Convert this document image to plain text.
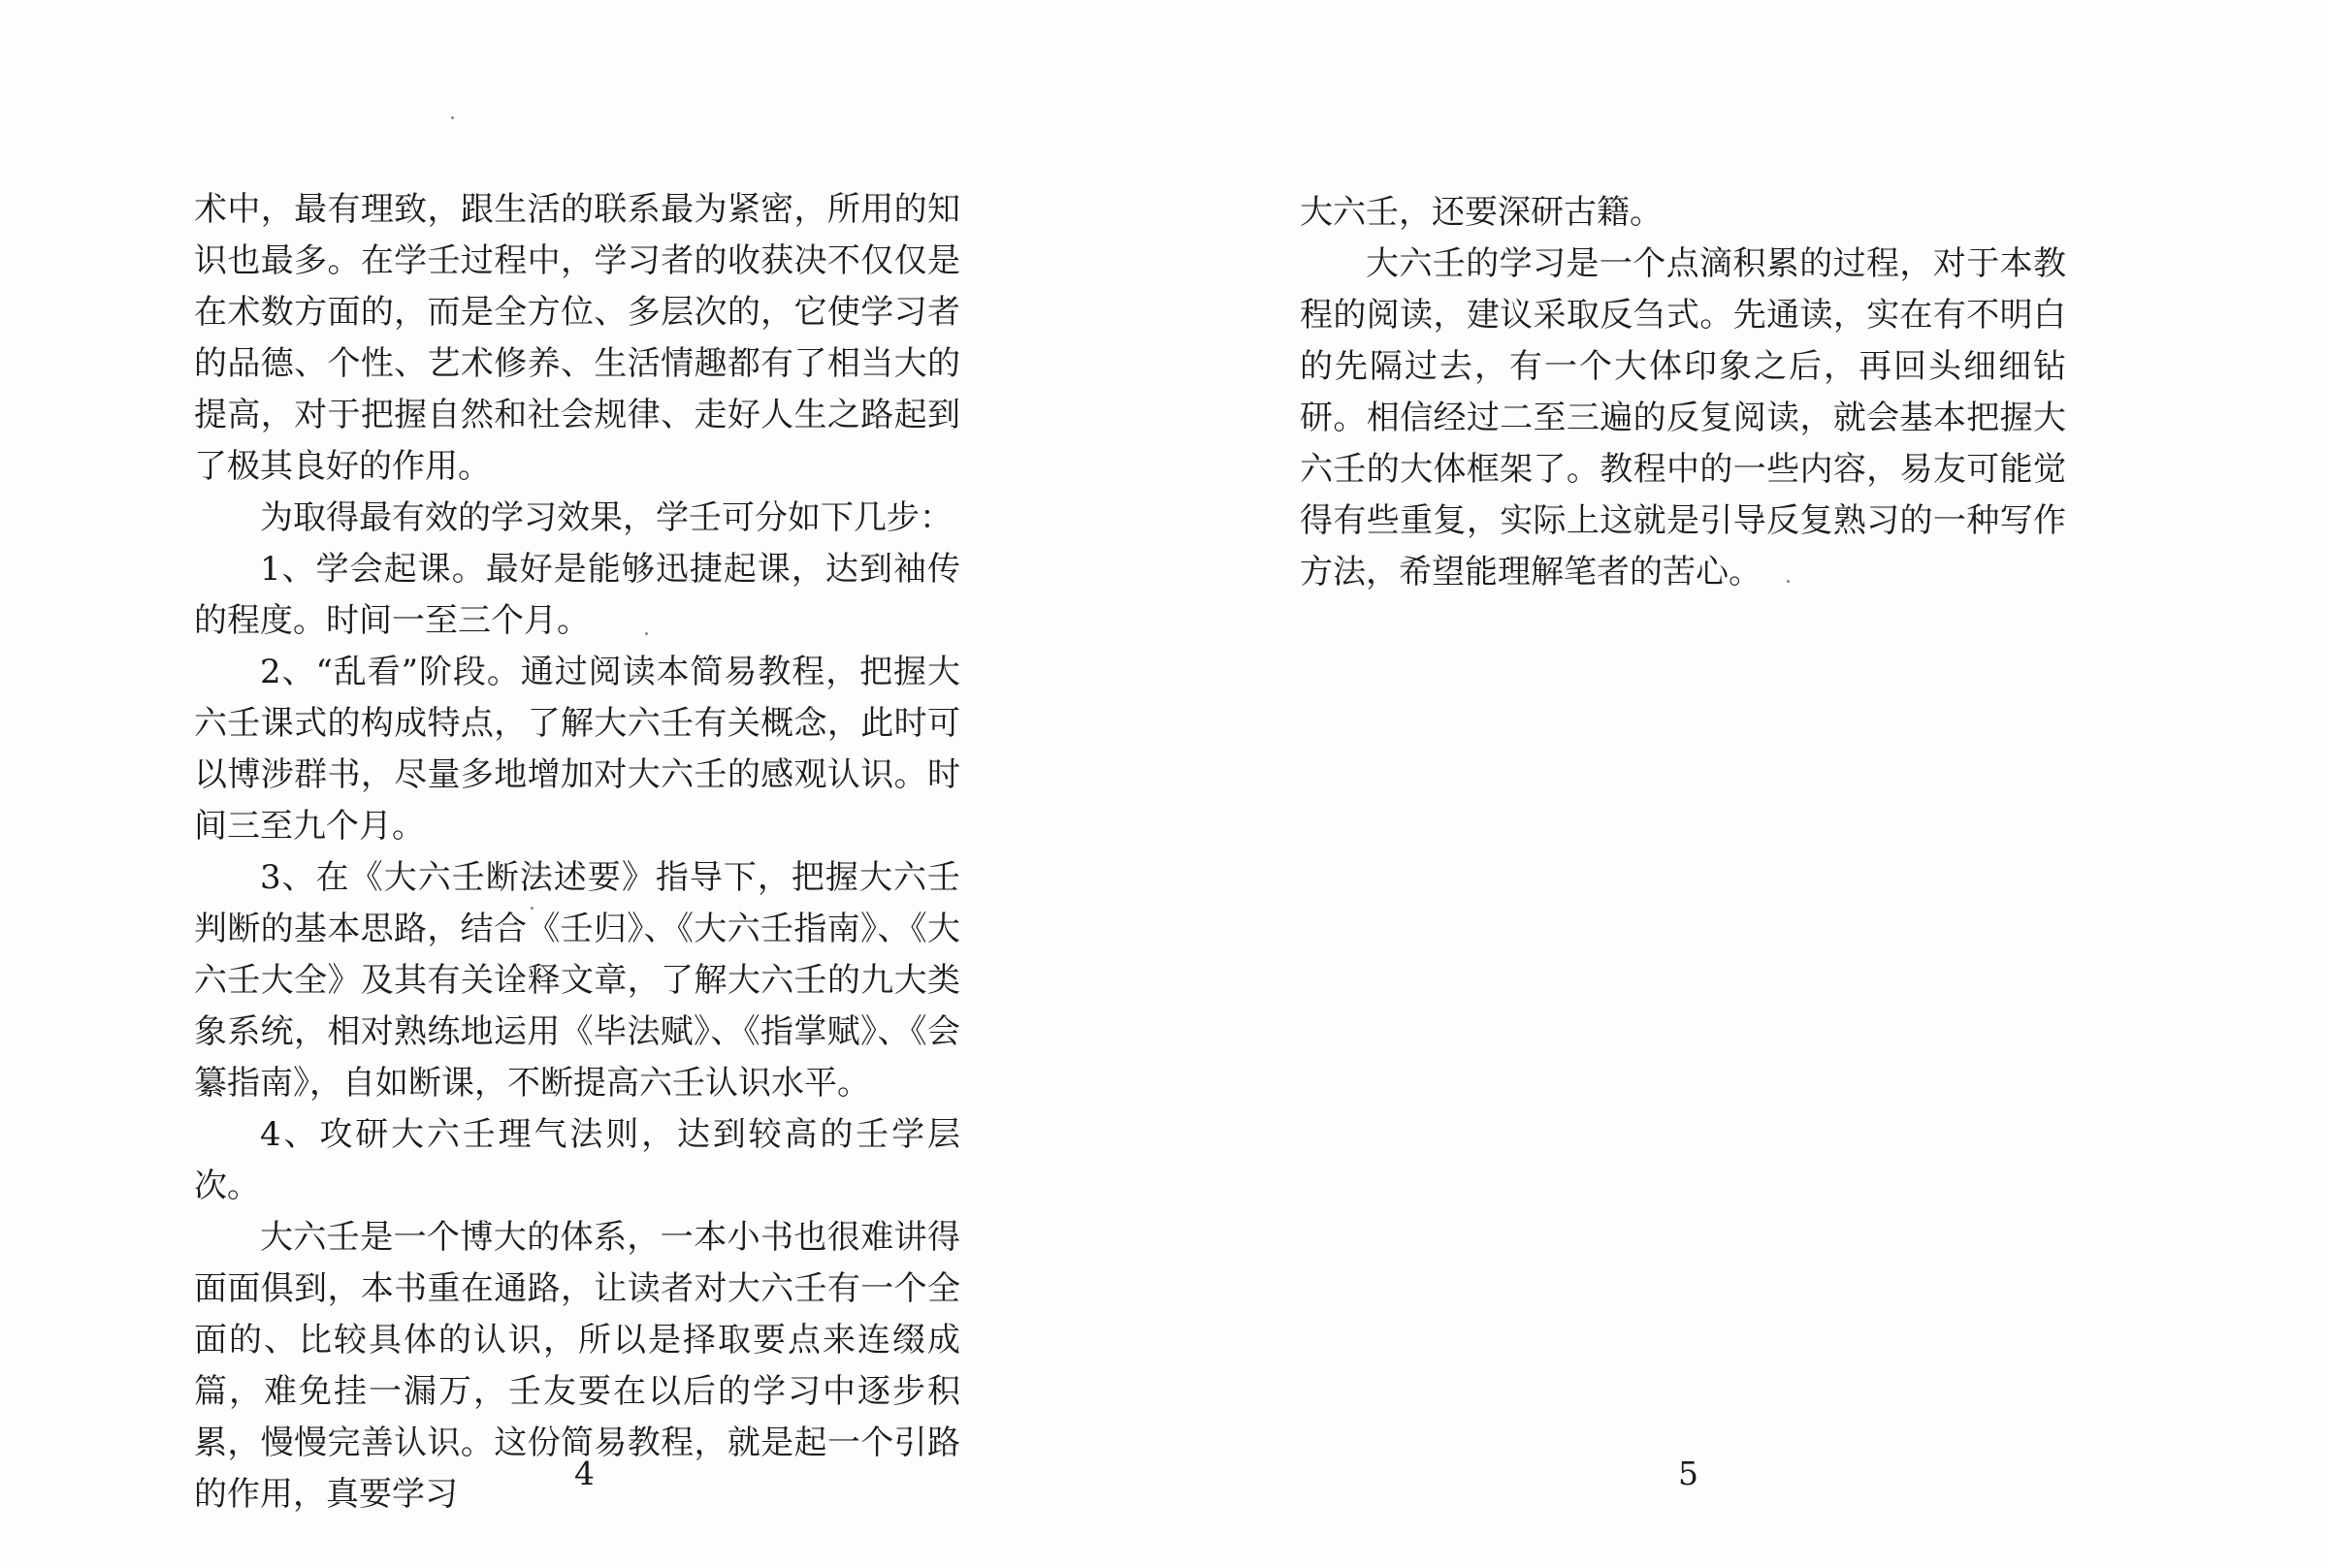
术中，最有理致，跟生活的联系最为紧密，所用的知识也最多。在学壬过程中，学习者的收获决不仅仅是在术数方面的，而是全方位、多层次的，它使学习者的品德、个性、艺术修养、生活情趣都有了相当大的提高，对于把握自然和社会规律、走好人生之路起到了极其良好的作用。

为取得最有效的学习效果，学壬可分如下几步：

1、学会起课。最好是能够迅捷起课，达到袖传的程度。时间一至三个月。

2、“乱看”阶段。通过阅读本简易教程，把握大六壬课式的构成特点，了解大六壬有关概念，此时可以博涉群书，尽量多地增加对大六壬的感观认识。时间三至九个月。

3、在《大六壬断法述要》指导下，把握大六壬判断的基本思路，结合《壬归》、《大六壬指南》、《大六壬大全》及其有关诠释文章，了解大六壬的九大类象系统，相对熟练地运用《毕法赋》、《指掌赋》、《会纂指南》，自如断课，不断提高六壬认识水平。

4、攻研大六壬理气法则，达到较高的壬学层次。

大六壬是一个博大的体系，一本小书也很难讲得面面俱到，本书重在通路，让读者对大六壬有一个全面的、比较具体的认识，所以是择取要点来连缀成篇，难免挂一漏万，壬友要在以后的学习中逐步积累，慢慢完善认识。这份简易教程，就是起一个引路的作用，真要学习

4

大六壬，还要深研古籍。

大六壬的学习是一个点滴积累的过程，对于本教程的阅读，建议采取反刍式。先通读，实在有不明白的先隔过去，有一个大体印象之后，再回头细细钻研。相信经过二至三遍的反复阅读，就会基本把握大六壬的大体框架了。教程中的一些内容，易友可能觉得有些重复，实际上这就是引导反复熟习的一种写作方法，希望能理解笔者的苦心。

5
